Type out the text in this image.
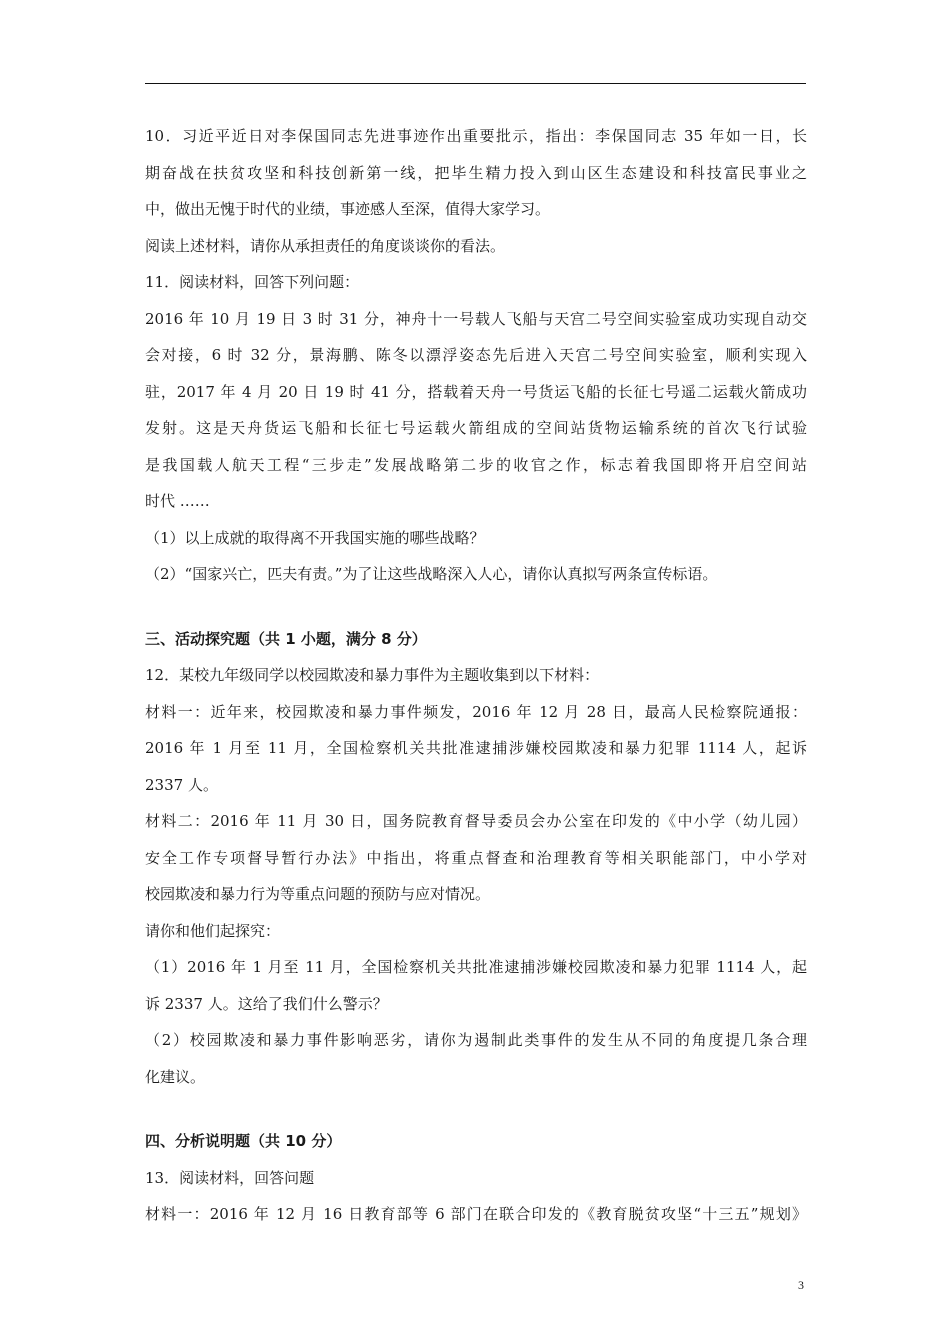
10．习近平近日对李保国同志先进事迹作出重要批示，指出：李保国同志 35 年如一日，长
期奋战在扶贫攻坚和科技创新第一线，把毕生精力投入到山区生态建设和科技富民事业之
中，做出无愧于时代的业绩，事迹感人至深，值得大家学习。
阅读上述材料，请你从承担责任的角度谈谈你的看法。
11．阅读材料，回答下列问题：
2016 年 10 月 19 日 3 时 31 分，神舟十一号载人飞船与天宫二号空间实验室成功实现自动交
会对接，6 时 32 分，景海鹏、陈冬以漂浮姿态先后进入天宫二号空间实验室，顺利实现入
驻，2017 年 4 月 20 日 19 时 41 分，搭载着天舟一号货运飞船的长征七号遥二运载火箭成功
发射。这是天舟货运飞船和长征七号运载火箭组成的空间站货物运输系统的首次飞行试验
是我国载人航天工程“三步走”发展战略第二步的收官之作，标志着我国即将开启空间站
时代 ……
（1）以上成就的取得离不开我国实施的哪些战略？
（2）“国家兴亡，匹夫有责。”为了让这些战略深入人心，请你认真拟写两条宣传标语。
三、活动探究题（共 1 小题，满分 8 分）
12．某校九年级同学以校园欺凌和暴力事件为主题收集到以下材料：
材料一：近年来，校园欺凌和暴力事件频发，2016 年 12 月 28 日，最高人民检察院通报：
2016 年 1 月至 11 月，全国检察机关共批准逮捕涉嫌校园欺凌和暴力犯罪 1114 人，起诉
2337 人。
材料二：2016 年 11 月 30 日，国务院教育督导委员会办公室在印发的《中小学（幼儿园）
安全工作专项督导暂行办法》中指出，将重点督查和治理教育等相关职能部门，中小学对
校园欺凌和暴力行为等重点问题的预防与应对情况。
请你和他们起探究：
（1）2016 年 1 月至 11 月，全国检察机关共批准逮捕涉嫌校园欺凌和暴力犯罪 1114 人，起
诉 2337 人。这给了我们什么警示？
（2）校园欺凌和暴力事件影响恶劣，请你为遏制此类事件的发生从不同的角度提几条合理
化建议。
四、分析说明题（共 10 分）
13．阅读材料，回答问题
材料一：2016 年 12 月 16 日教育部等 6 部门在联合印发的《教育脱贫攻坚“十三五”规划》
3
